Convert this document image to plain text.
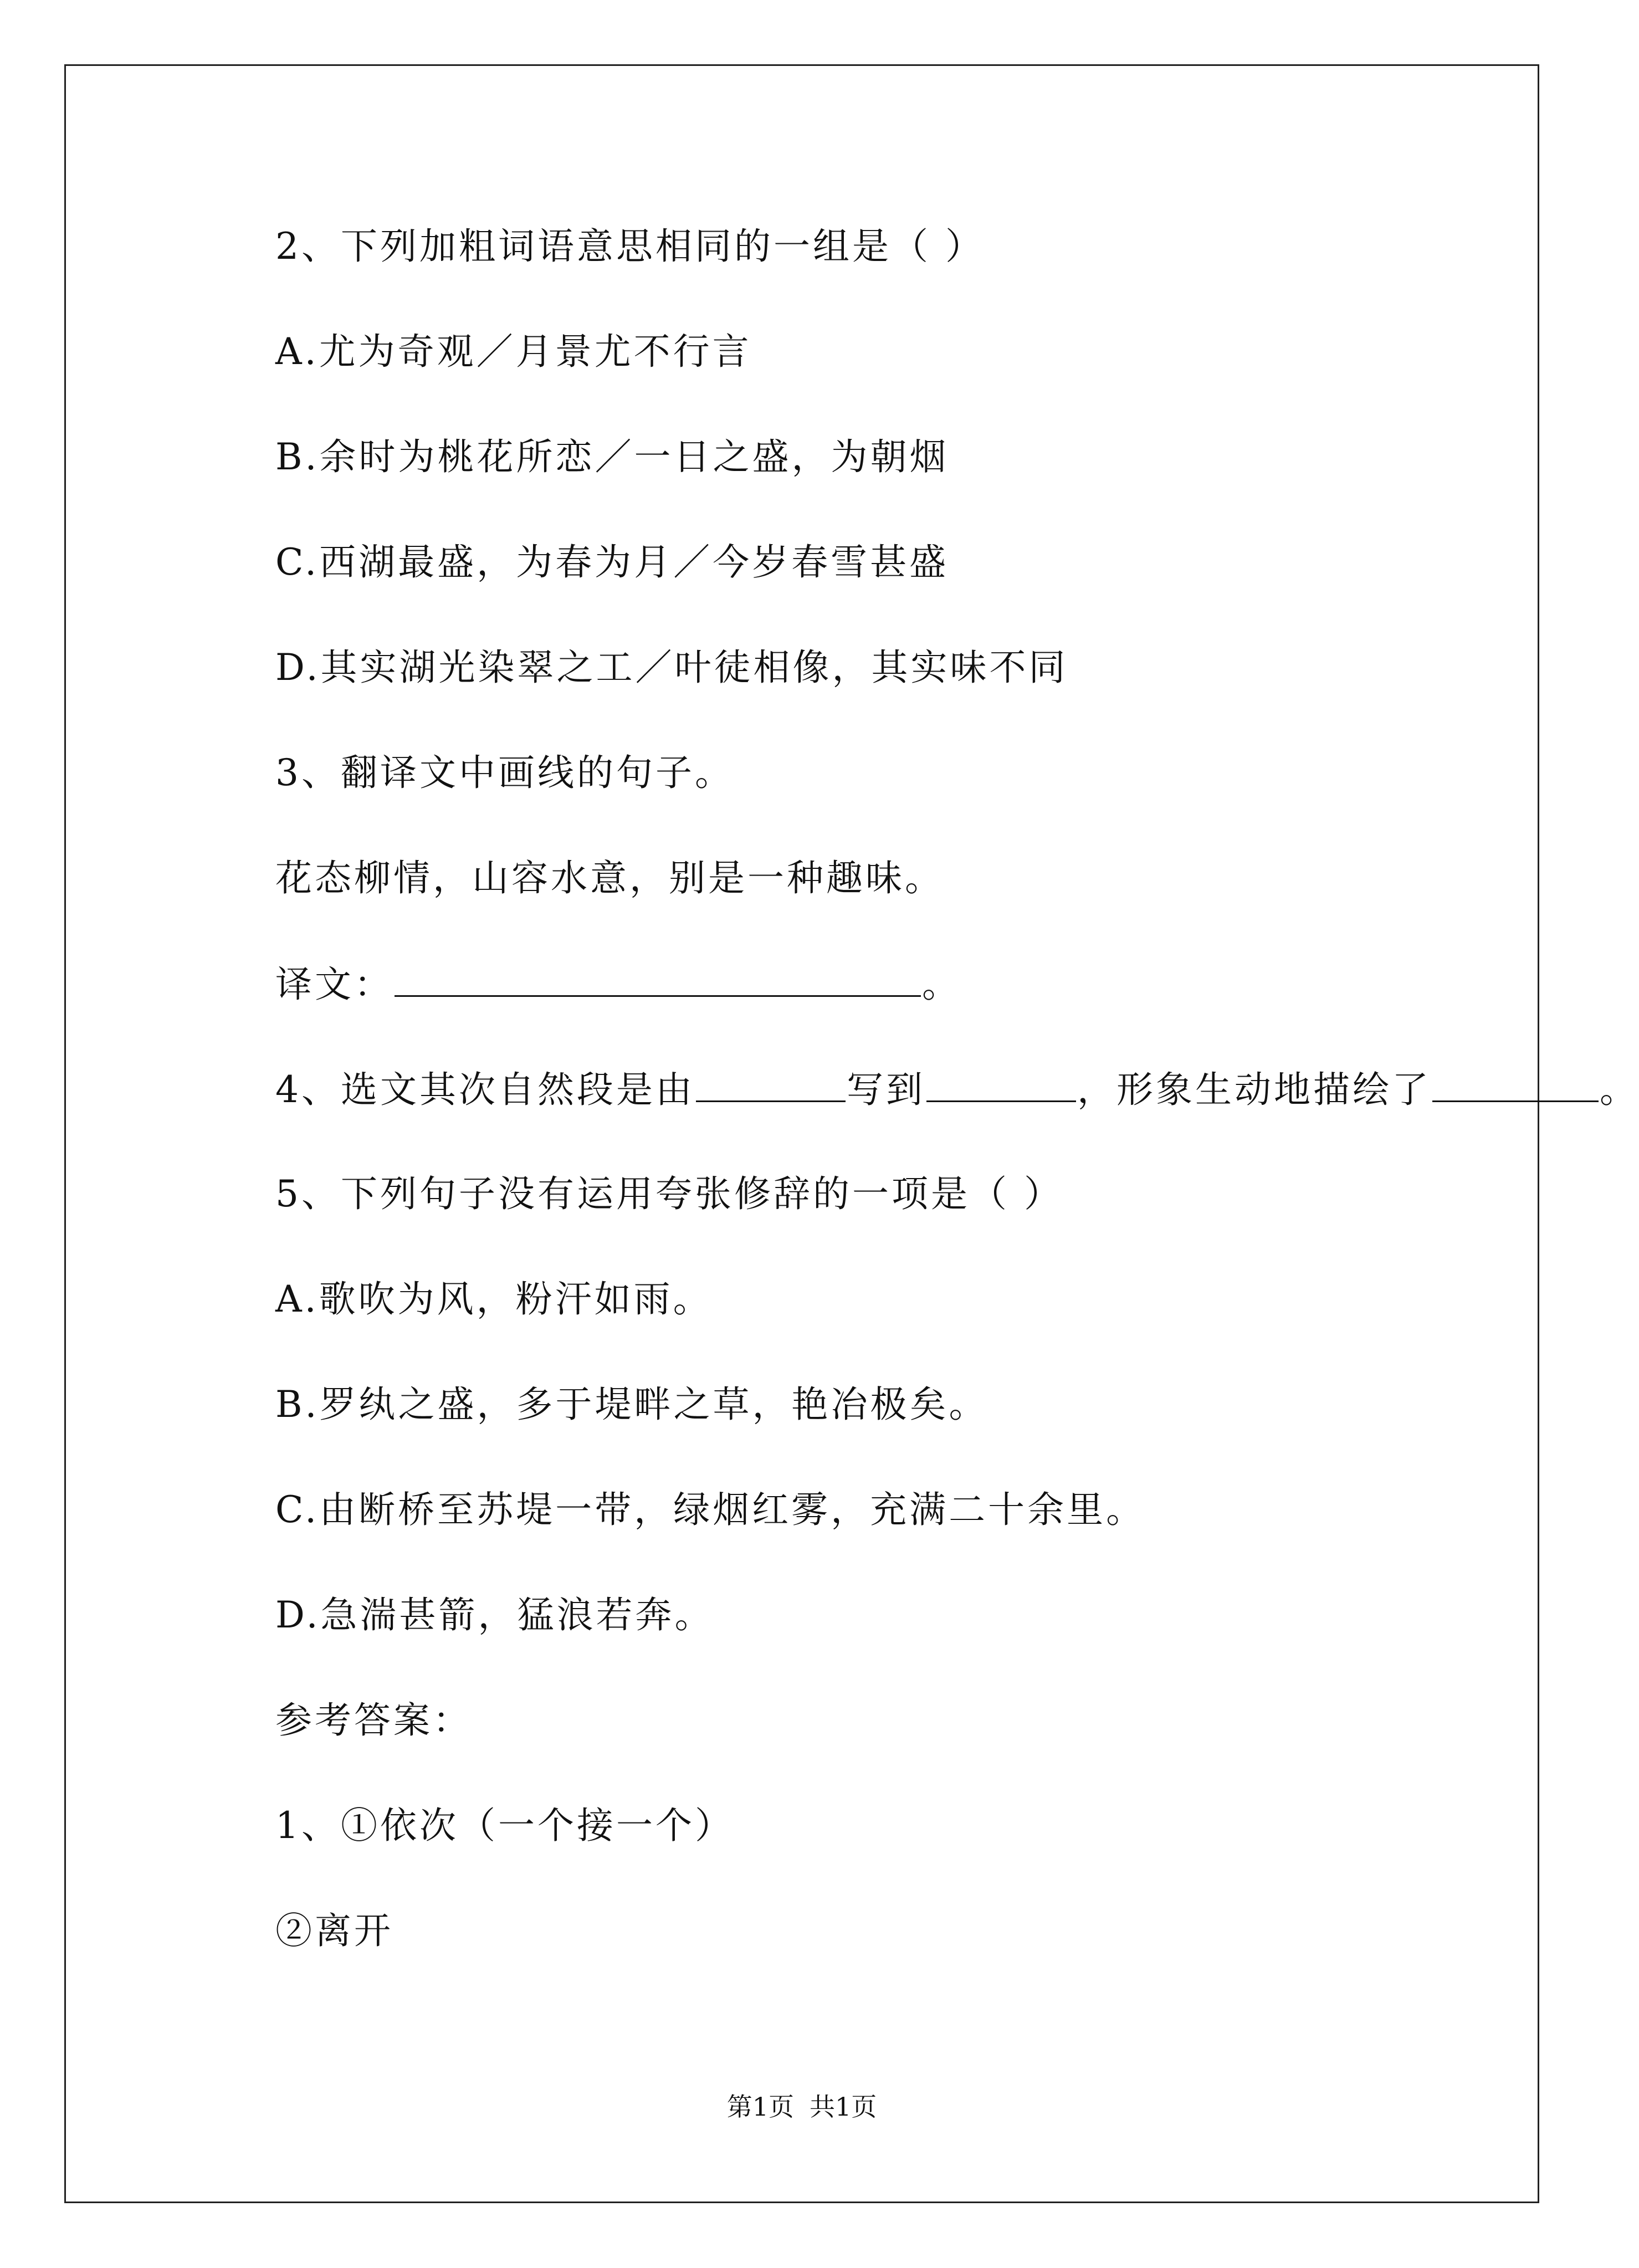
2、下列加粗词语意思相同的一组是（ ）
A.尤为奇观／月景尤不行言
B.余时为桃花所恋／一日之盛，为朝烟
C.西湖最盛，为春为月／今岁春雪甚盛
D.其实湖光染翠之工／叶徒相像，其实味不同
3、翻译文中画线的句子。
花态柳情，山容水意，别是一种趣味。
译文：	。
4、选文其次自然段是由	写到	，形象生动地描绘了	。
5、下列句子没有运用夸张修辞的一项是（ ）
A.歌吹为风，粉汗如雨。
B.罗纨之盛，多于堤畔之草，艳冶极矣。
C.由断桥至苏堤一带，绿烟红雾，充满二十余里。
D.急湍甚箭，猛浪若奔。
参考答案：
1、①依次（一个接一个）
②离开
第1页 共1页
